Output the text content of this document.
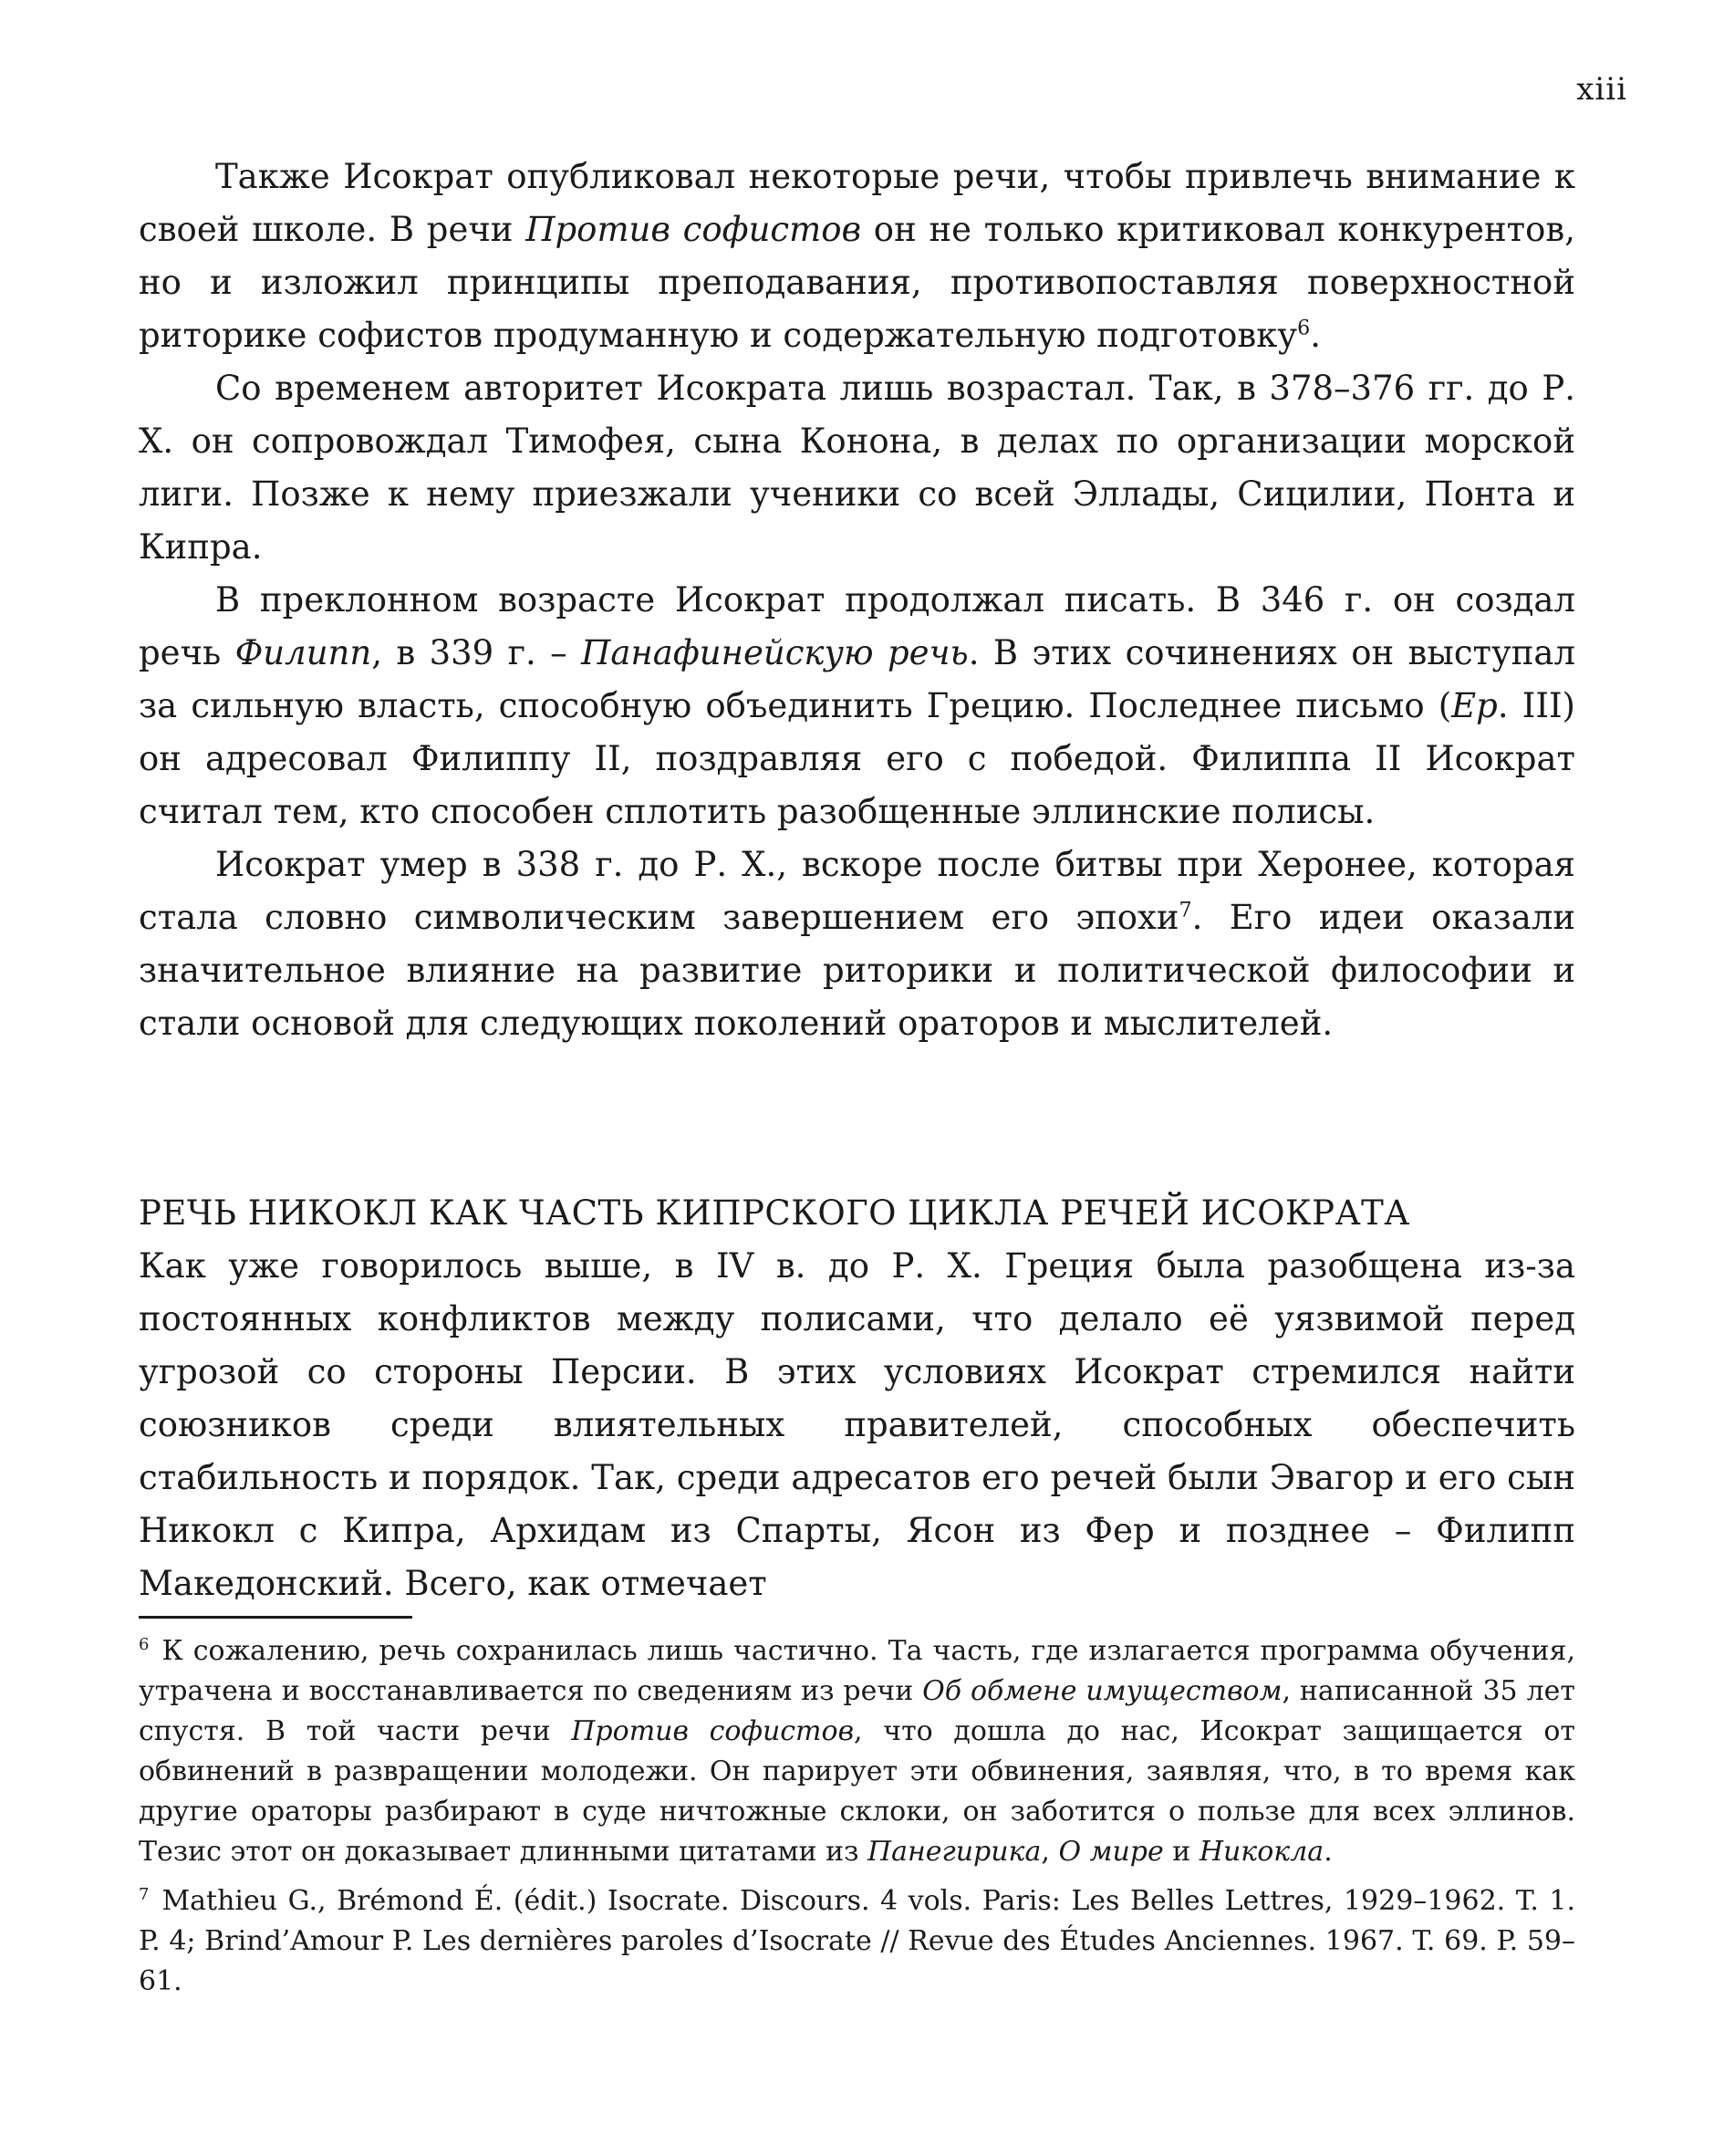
xiii

Также Исократ опубликовал некоторые речи, чтобы привлечь внимание к своей школе. В речи Против софистов он не только критиковал конкурентов, но и изложил принципы преподавания, противопоставляя поверхностной риторике софистов продуманную и содержательную подготовку$^6$.

Со временем авторитет Исократа лишь возрастал. Так, в 378–376 гг. до Р. Х. он сопровождал Тимофея, сына Конона, в делах по организации морской лиги. Позже к нему приезжали ученики со всей Эллады, Сицилии, Понта и Кипра.

В преклонном возрасте Исократ продолжал писать. В 346 г. он создал речь Филипп, в 339 г. – Панафинейскую речь. В этих сочинениях он выступал за сильную власть, способную объединить Грецию. Последнее письмо (Ep. III) он адресовал Филиппу II, поздравляя его с победой. Филиппа II Исократ считал тем, кто способен сплотить разобщенные эллинские полисы.

Исократ умер в 338 г. до Р. Х., вскоре после битвы при Херонее, которая стала словно символическим завершением его эпохи$^7$. Его идеи оказали значительное влияние на развитие риторики и политической философии и стали основой для следующих поколений ораторов и мыслителей.

РЕЧЬ НИКОКЛ КАК ЧАСТЬ КИПРСКОГО ЦИКЛА РЕЧЕЙ ИСОКРАТА

Как уже говорилось выше, в IV в. до Р. Х. Греция была разобщена из-за постоянных конфликтов между полисами, что делало её уязвимой перед угрозой со стороны Персии. В этих условиях Исократ стремился найти союзников среди влиятельных правителей, способных обеспечить стабильность и порядок. Так, среди адресатов его речей были Эвагор и его сын Никокл с Кипра, Архидам из Спарты, Ясон из Фер и позднее – Филипп Македонский. Всего, как отмечает

$^6$ К сожалению, речь сохранилась лишь частично. Та часть, где излагается программа обучения, утрачена и восстанавливается по сведениям из речи Об обмене имуществом, написанной 35 лет спустя. В той части речи Против софистов, что дошла до нас, Исократ защищается от обвинений в развращении молодежи. Он парирует эти обвинения, заявляя, что, в то время как другие ораторы разбирают в суде ничтожные склоки, он заботится о пользе для всех эллинов. Тезис этот он доказывает длинными цитатами из Панегирика, О мире и Никокла.

$^7$ Mathieu G., Brémond É. (édit.) Isocrate. Discours. 4 vols. Paris: Les Belles Lettres, 1929–1962. T. 1. P. 4; Brind’Amour P. Les dernières paroles d’Isocrate // Revue des Études Anciennes. 1967. T. 69. P. 59–61.
